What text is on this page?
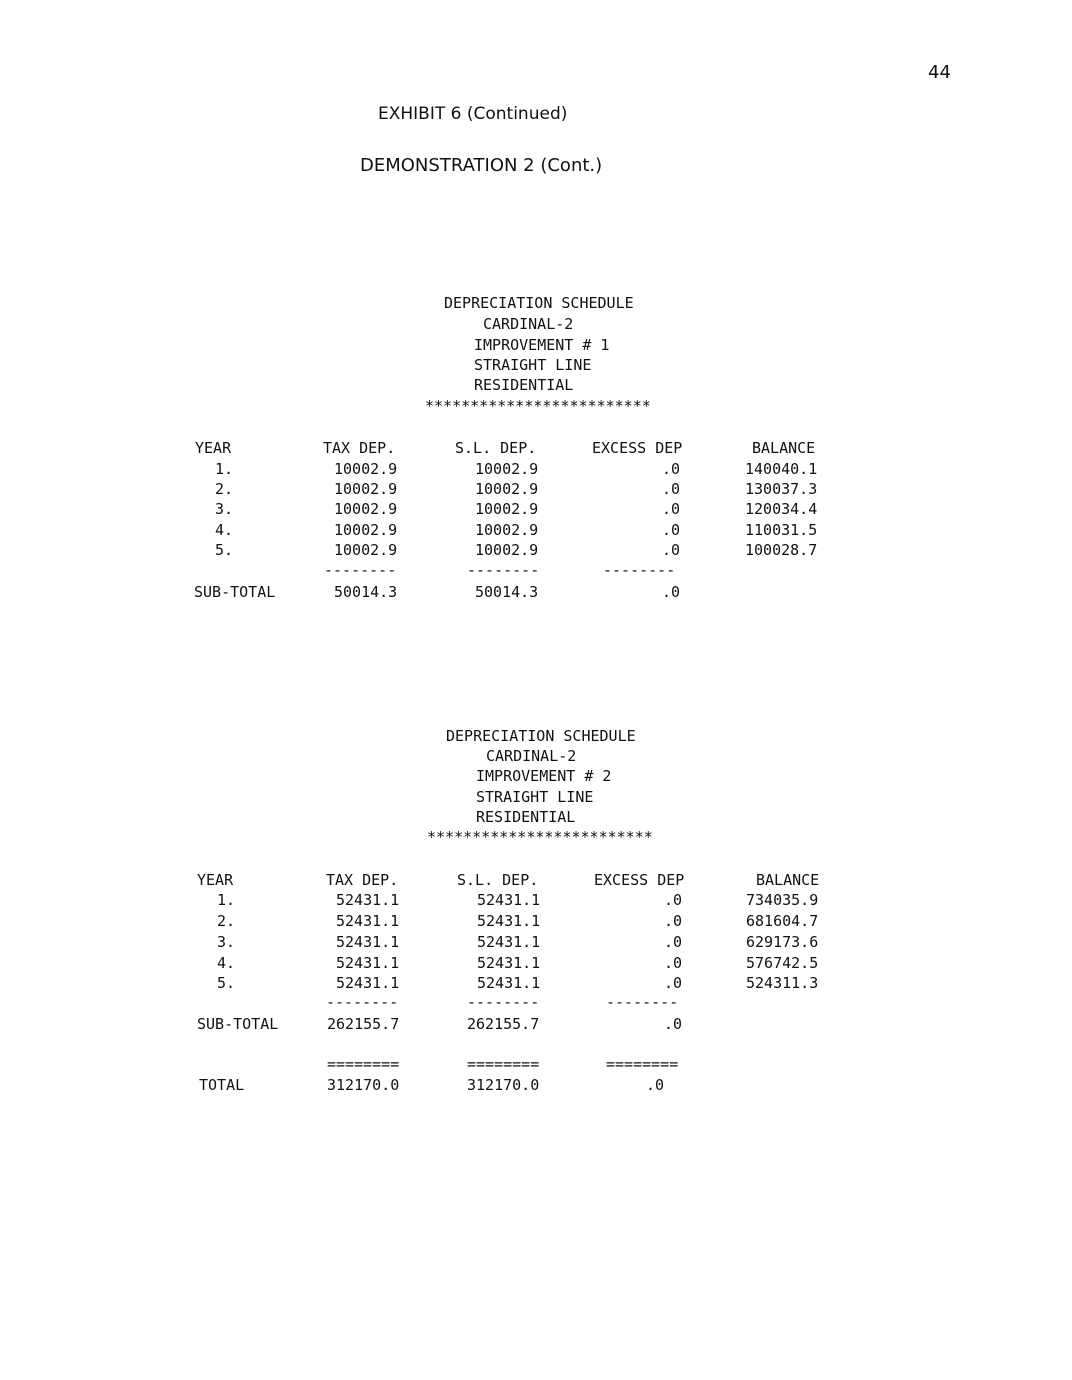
44
EXHIBIT 6 (Continued)
DEMONSTRATION 2 (Cont.)
DEPRECIATION SCHEDULE
CARDINAL-2
IMPROVEMENT # 1
STRAIGHT LINE
RESIDENTIAL
*************************
YEAR	TAX DEP.	S.L. DEP.	EXCESS DEP	BALANCE
1.	10002.9	10002.9	.0	140040.1
2.	10002.9	10002.9	.0	130037.3
3.	10002.9	10002.9	.0	120034.4
4.	10002.9	10002.9	.0	110031.5
5.	10002.9	10002.9	.0	100028.7
--------	--------	--------
SUB-TOTAL	50014.3	50014.3	.0
DEPRECIATION SCHEDULE
CARDINAL-2
IMPROVEMENT # 2
STRAIGHT LINE
RESIDENTIAL
*************************
YEAR	TAX DEP.	S.L. DEP.	EXCESS DEP	BALANCE
1.	52431.1	52431.1	.0	734035.9
2.	52431.1	52431.1	.0	681604.7
3.	52431.1	52431.1	.0	629173.6
4.	52431.1	52431.1	.0	576742.5
5.	52431.1	52431.1	.0	524311.3
--------	--------	--------
SUB-TOTAL	262155.7	262155.7	.0
========	========	========
TOTAL	312170.0	312170.0	.0
